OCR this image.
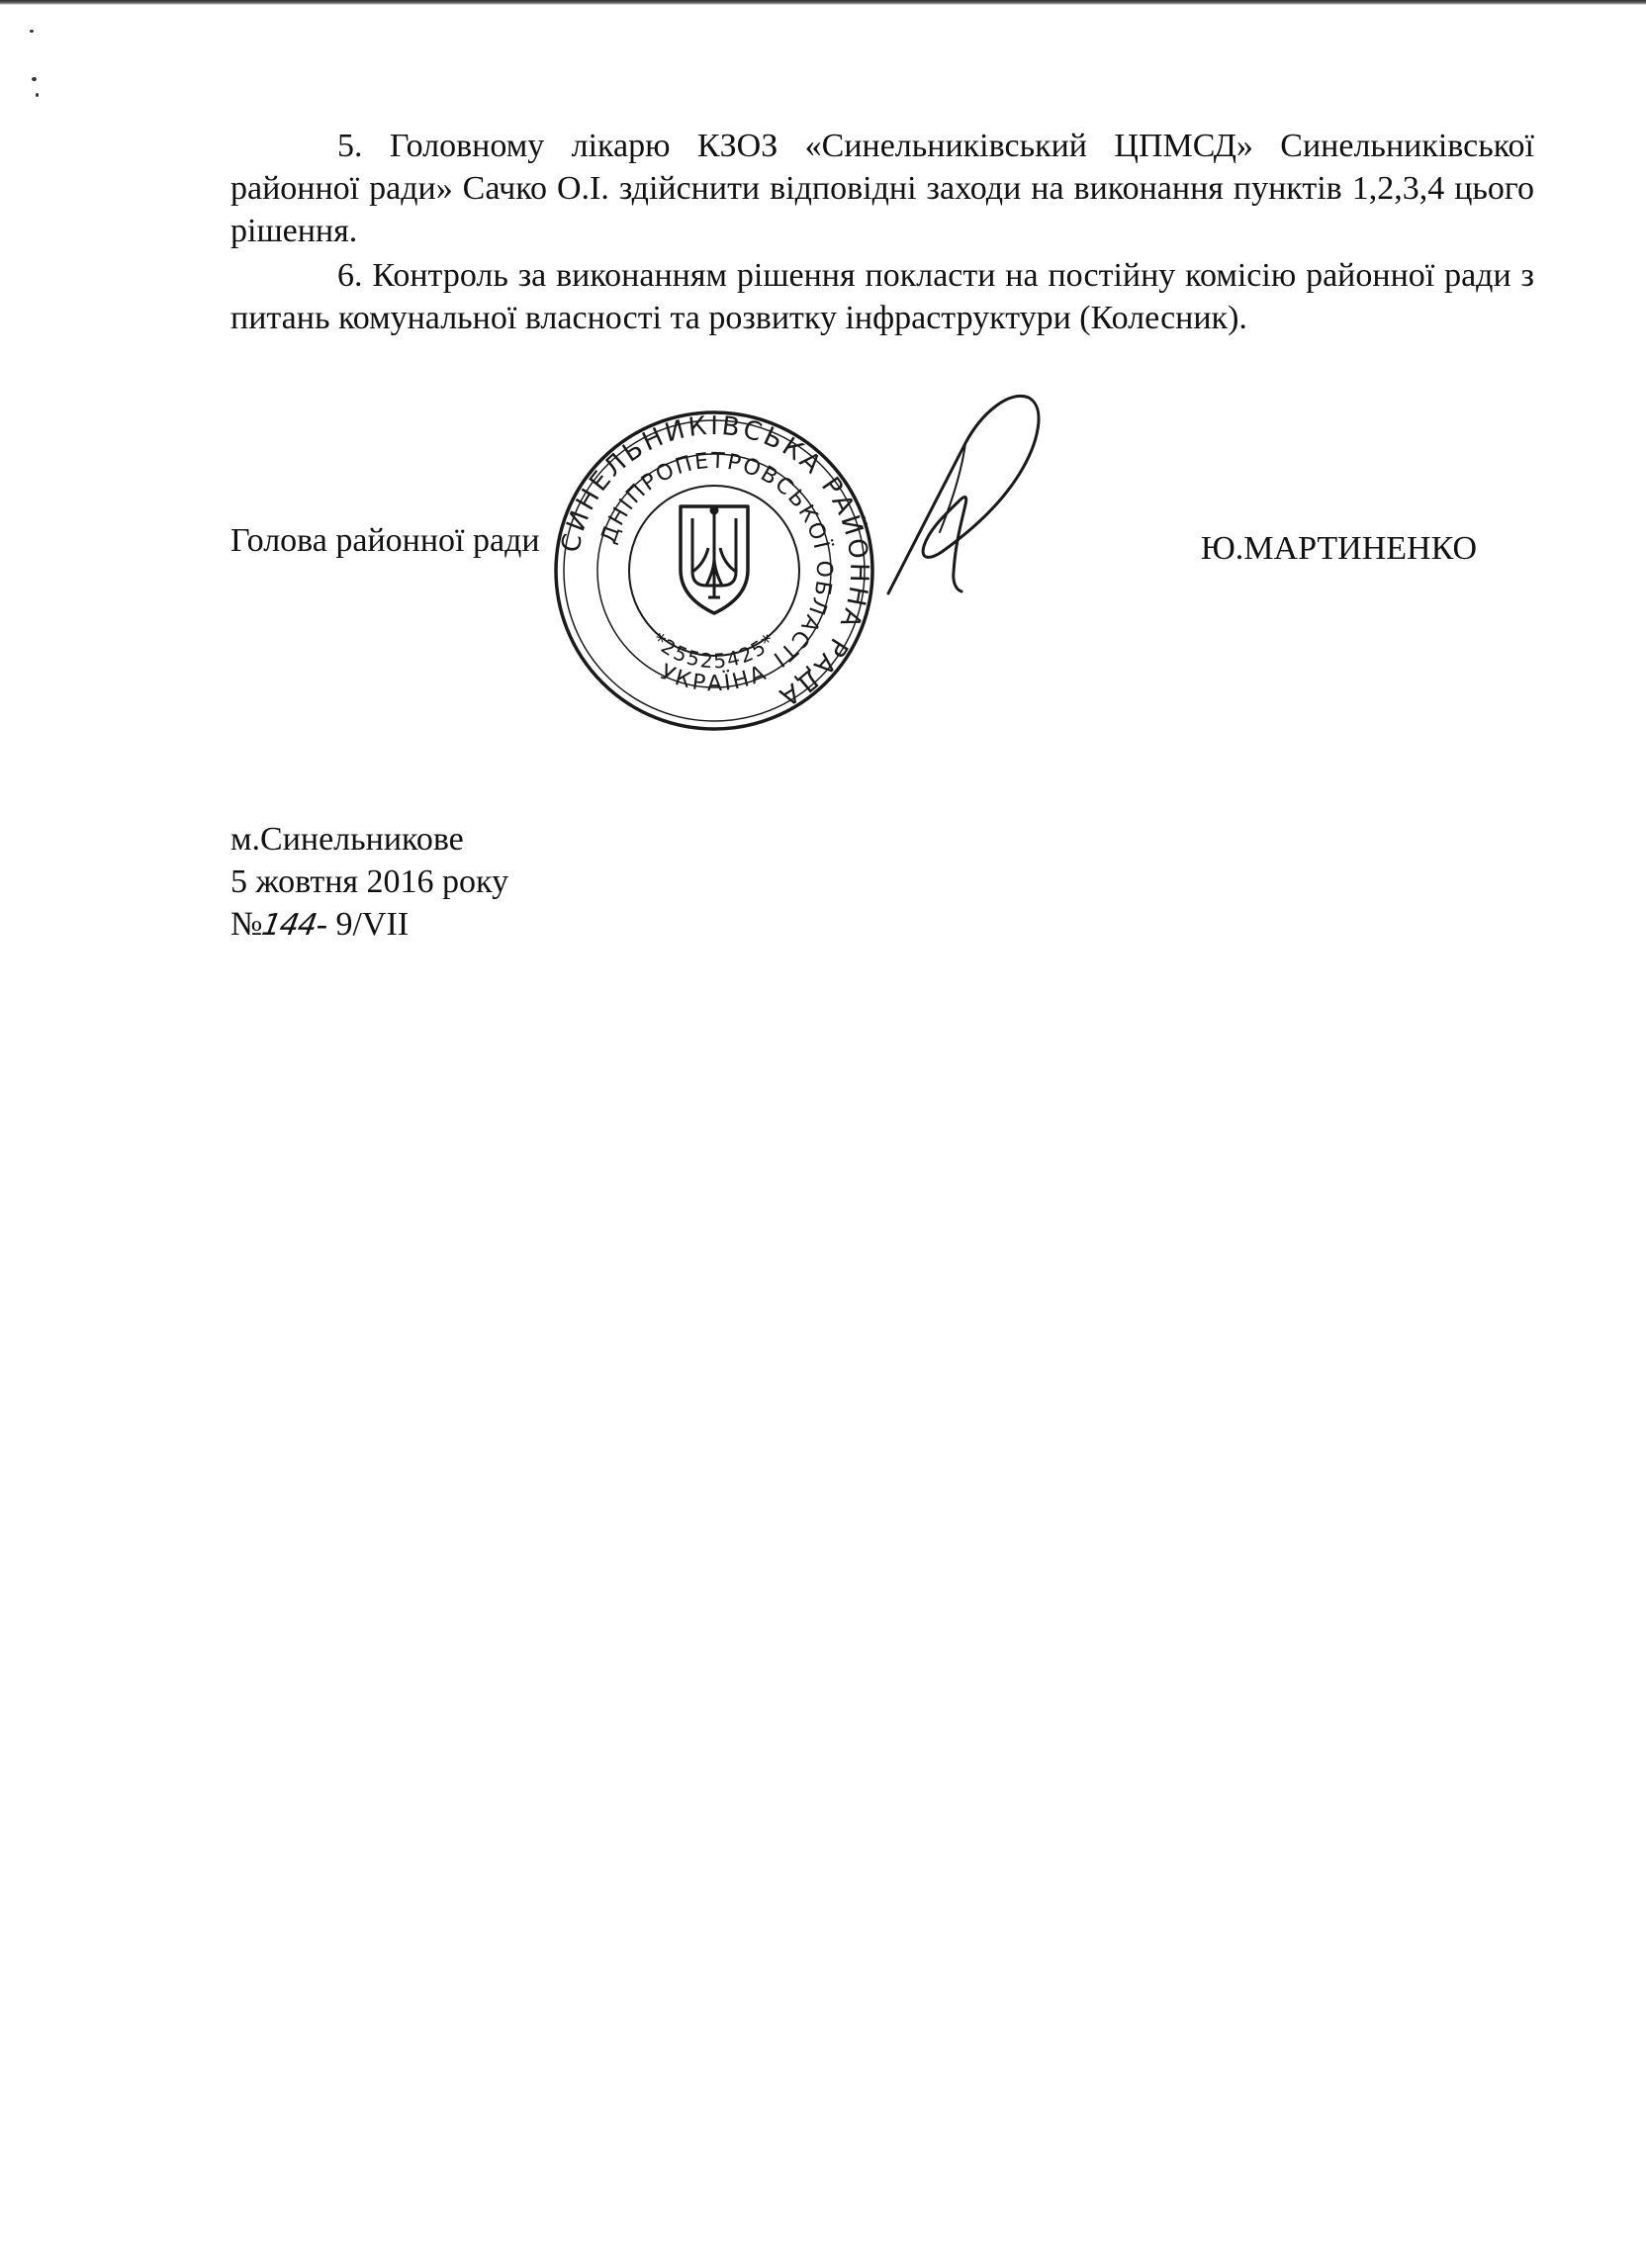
5. Головному лікарю КЗОЗ «Синельниківський ЦПМСД» Синельниківської районної ради» Сачко О.І. здійснити відповідні заходи на виконання пунктів 1,2,3,4 цього рішення.

6. Контроль за виконанням рішення покласти на постійну комісію районної ради з питань комунальної власності та розвитку інфраструктури (Колесник).

Голова районної ради	Ю.МАРТИНЕНКО
СИНЕЛЬНИКІВСЬКА РАЙОННА РАДА
ДНІПРОПЕТРОВСЬКОЇ ОБЛАСТІ
УКРАЇНА
*25525425*
м.Синельникове
5 жовтня 2016 року
№144- 9/VII
